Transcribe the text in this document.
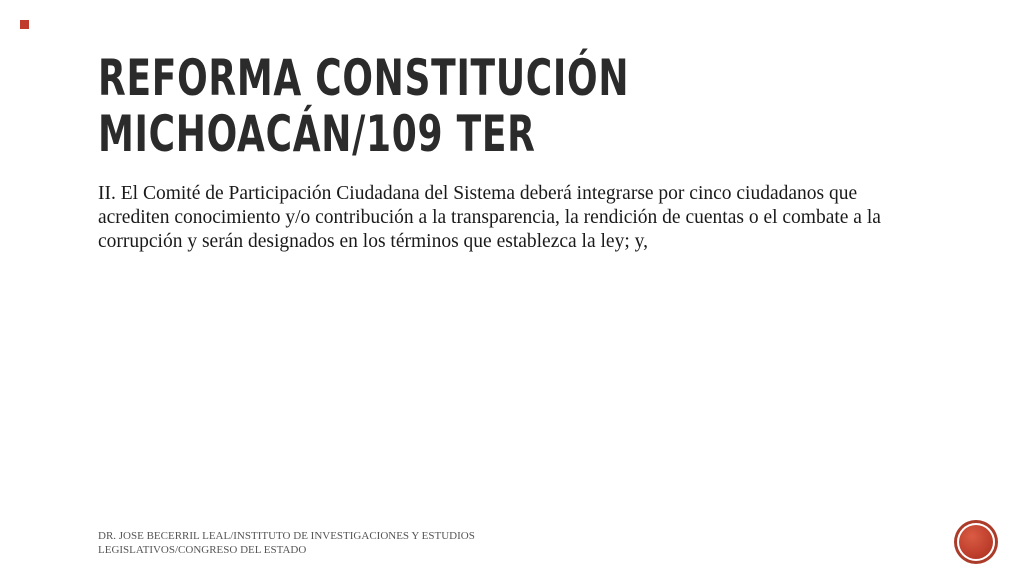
REFORMA CONSTITUCIÓN MICHOACÁN/109 TER

II. El Comité de Participación Ciudadana del Sistema deberá integrarse por cinco ciudadanos que acrediten conocimiento y/o contribución a la transparencia, la rendición de cuentas o el combate a la corrupción y serán designados en los términos que establezca la ley; y,

DR. JOSE BECERRIL LEAL/INSTITUTO DE INVESTIGACIONES Y ESTUDIOS LEGISLATIVOS/CONGRESO DEL ESTADO
